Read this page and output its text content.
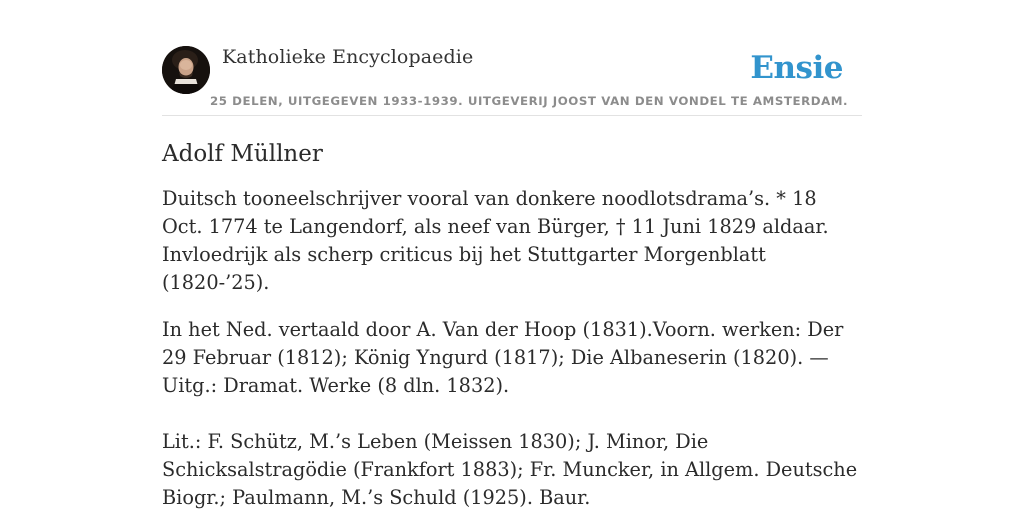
Katholieke Encyclopaedie	Ensie
25 DELEN, UITGEGEVEN 1933-1939. UITGEVERIJ JOOST VAN DEN VONDEL TE AMSTERDAM.
Adolf Müllner

Duitsch tooneelschrijver vooral van donkere noodlotsdrama’s. * 18 Oct. 1774 te Langendorf, als neef van Bürger, † 11 Juni 1829 aldaar. Invloedrijk als scherp criticus bij het Stuttgarter Morgenblatt (1820-’25).

In het Ned. vertaald door A. Van der Hoop (1831).Voorn. werken: Der 29 Februar (1812); König Yngurd (1817); Die Albaneserin (1820). — Uitg.: Dramat. Werke (8 dln. 1832).

Lit.: F. Schütz, M.’s Leben (Meissen 1830); J. Minor, Die Schicksalstragödie (Frankfort 1883); Fr. Muncker, in Allgem. Deutsche Biogr.; Paulmann, M.’s Schuld (1925). Baur.
